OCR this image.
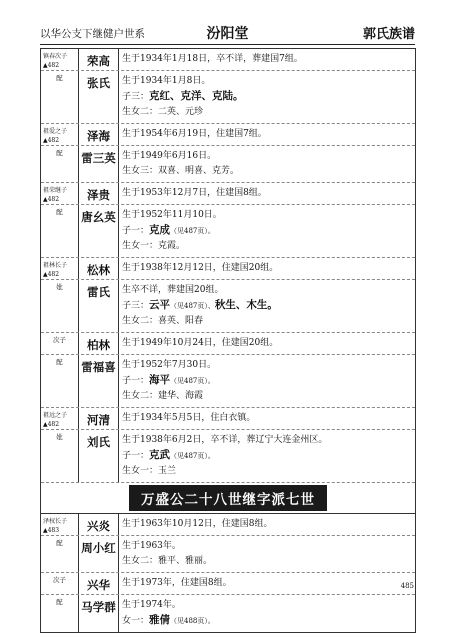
以华公支下继健户世系	汾阳堂	郭氏族谱
镇春次子
▲482	荣高	生于1934年1月18日，卒不详，葬建国7组。
配	张氏	生于1934年1月8日。
子三：克红、克洋、克陆。
生女二：二英、元珍
祖爱之子
▲482	泽海	生于1954年6月19日，住建国7组。
配	雷三英 生于1949年6月16日。
生女三：双喜、明喜、克芳。
祖荣继子
▲482	泽贵	生于1953年12月7日，住建国8组。
配	唐幺英 生于1952年11月10日。
子一：克成（见487页）。
生女一：克霞。
祖林长子
▲482	松林	生于1938年12月12日，住建国20组。
妣	雷氏	生卒不详，葬建国20组。
子三：云平（见487页）、秋生、木生。
生女二：喜英、阳春
次子	柏林	生于1949年10月24日，住建国20组。
配	雷福喜 生于1952年7月30日。
子一：海平（见487页）。
生女二：建华、海霞
祖远之子
▲482	河清	生于1934年5月5日，住白衣镇。
妣	刘氏	生于1938年6月2日，卒不详，葬辽宁大连金州区。
子一：克武（见487页）。
生女一：玉兰
万盛公二十八世继字派七世
泽权长子
▲483	兴炎	生于1963年10月12日，住建国8组。
配	周小红 生于1963年。
生女二：雅平、雅丽。
次子	兴华	生于1973年，住建国8组。
配	马学群 生于1974年。
女一：雅倩（见488页）。
485
